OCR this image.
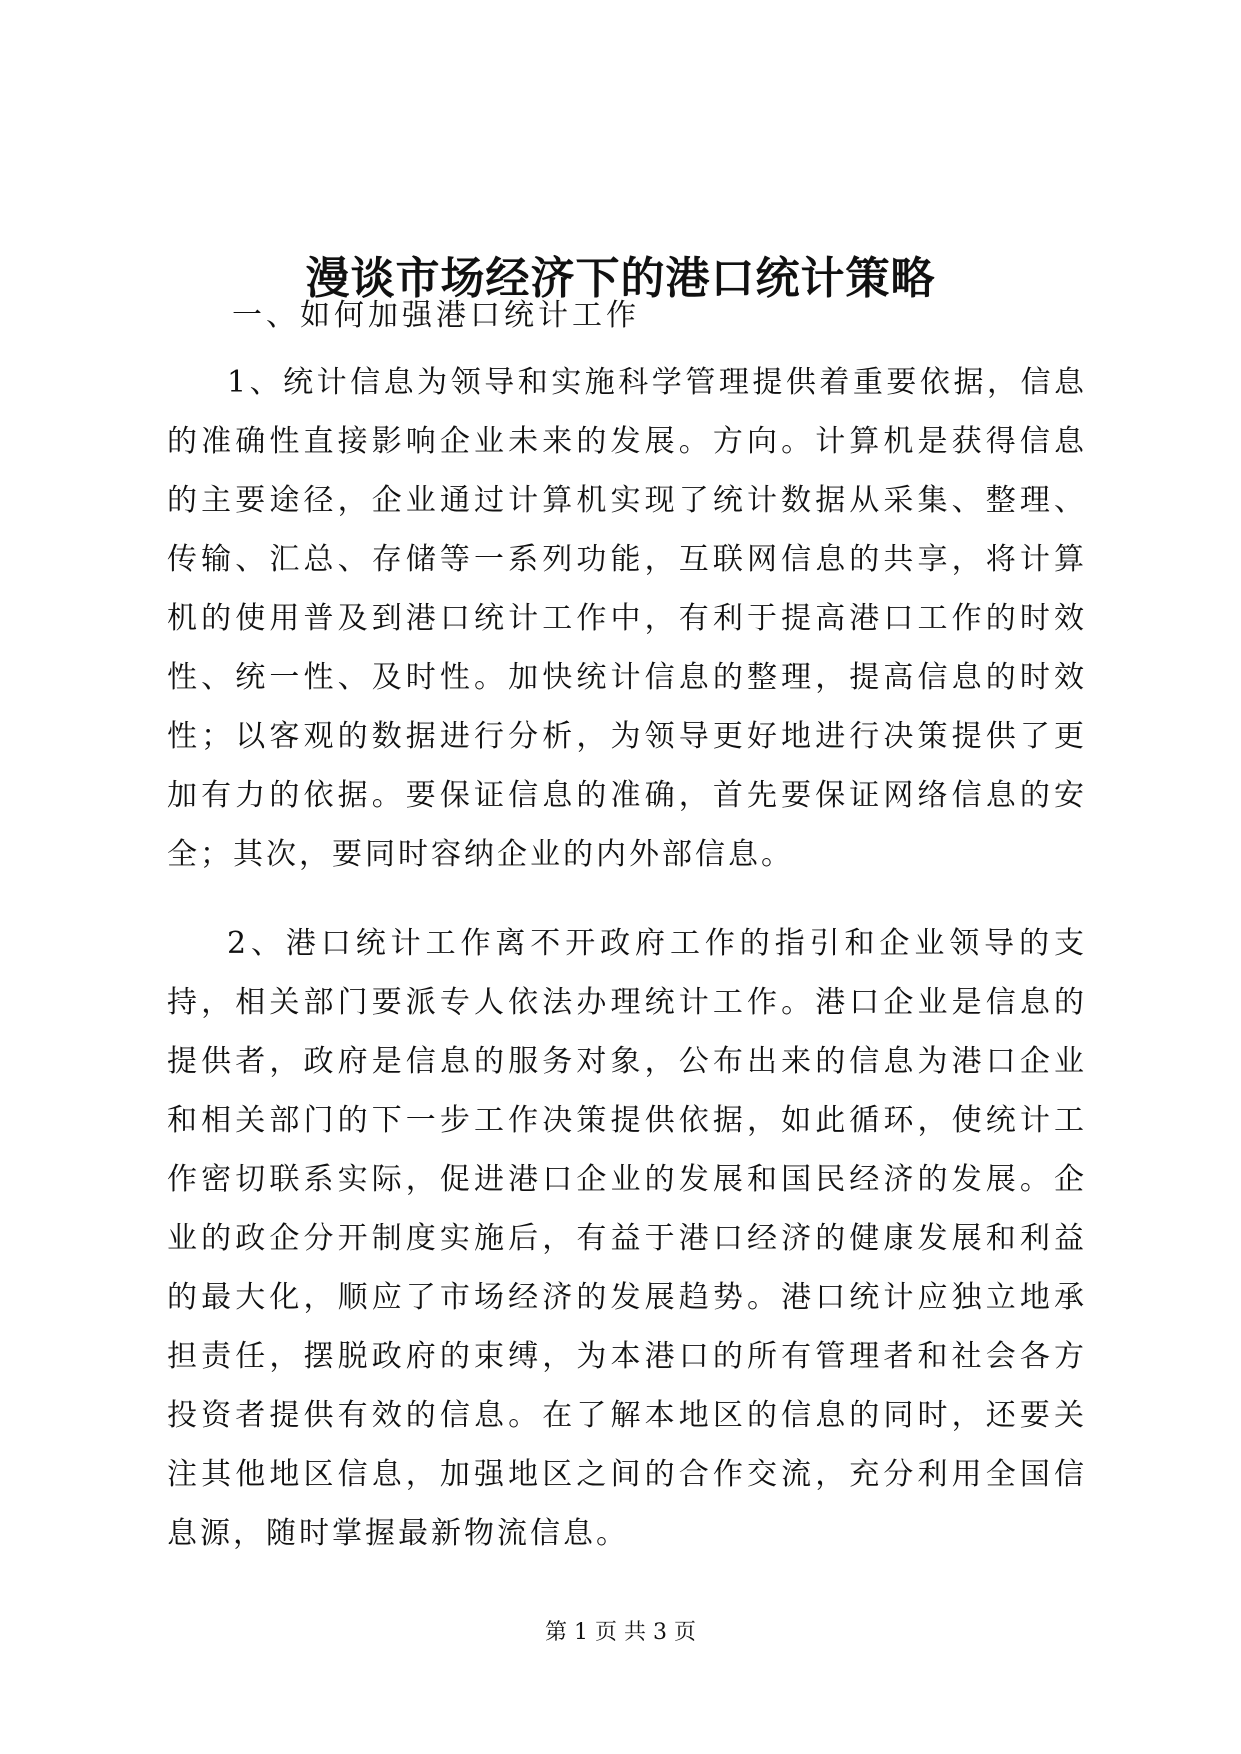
漫谈市场经济下的港口统计策略
一、如何加强港口统计工作

1、统计信息为领导和实施科学管理提供着重要依据，信息的准确性直接影响企业未来的发展。方向。计算机是获得信息的主要途径，企业通过计算机实现了统计数据从采集、整理、传输、汇总、存储等一系列功能，互联网信息的共享，将计算机的使用普及到港口统计工作中，有利于提高港口工作的时效性、统一性、及时性。加快统计信息的整理，提高信息的时效性；以客观的数据进行分析，为领导更好地进行决策提供了更加有力的依据。要保证信息的准确，首先要保证网络信息的安全；其次，要同时容纳企业的内外部信息。

2、港口统计工作离不开政府工作的指引和企业领导的支持，相关部门要派专人依法办理统计工作。港口企业是信息的提供者，政府是信息的服务对象，公布出来的信息为港口企业和相关部门的下一步工作决策提供依据，如此循环，使统计工作密切联系实际，促进港口企业的发展和国民经济的发展。企业的政企分开制度实施后，有益于港口经济的健康发展和利益的最大化，顺应了市场经济的发展趋势。港口统计应独立地承担责任，摆脱政府的束缚，为本港口的所有管理者和社会各方投资者提供有效的信息。在了解本地区的信息的同时，还要关注其他地区信息，加强地区之间的合作交流，充分利用全国信息源，随时掌握最新物流信息。

第 1 页 共 3 页
